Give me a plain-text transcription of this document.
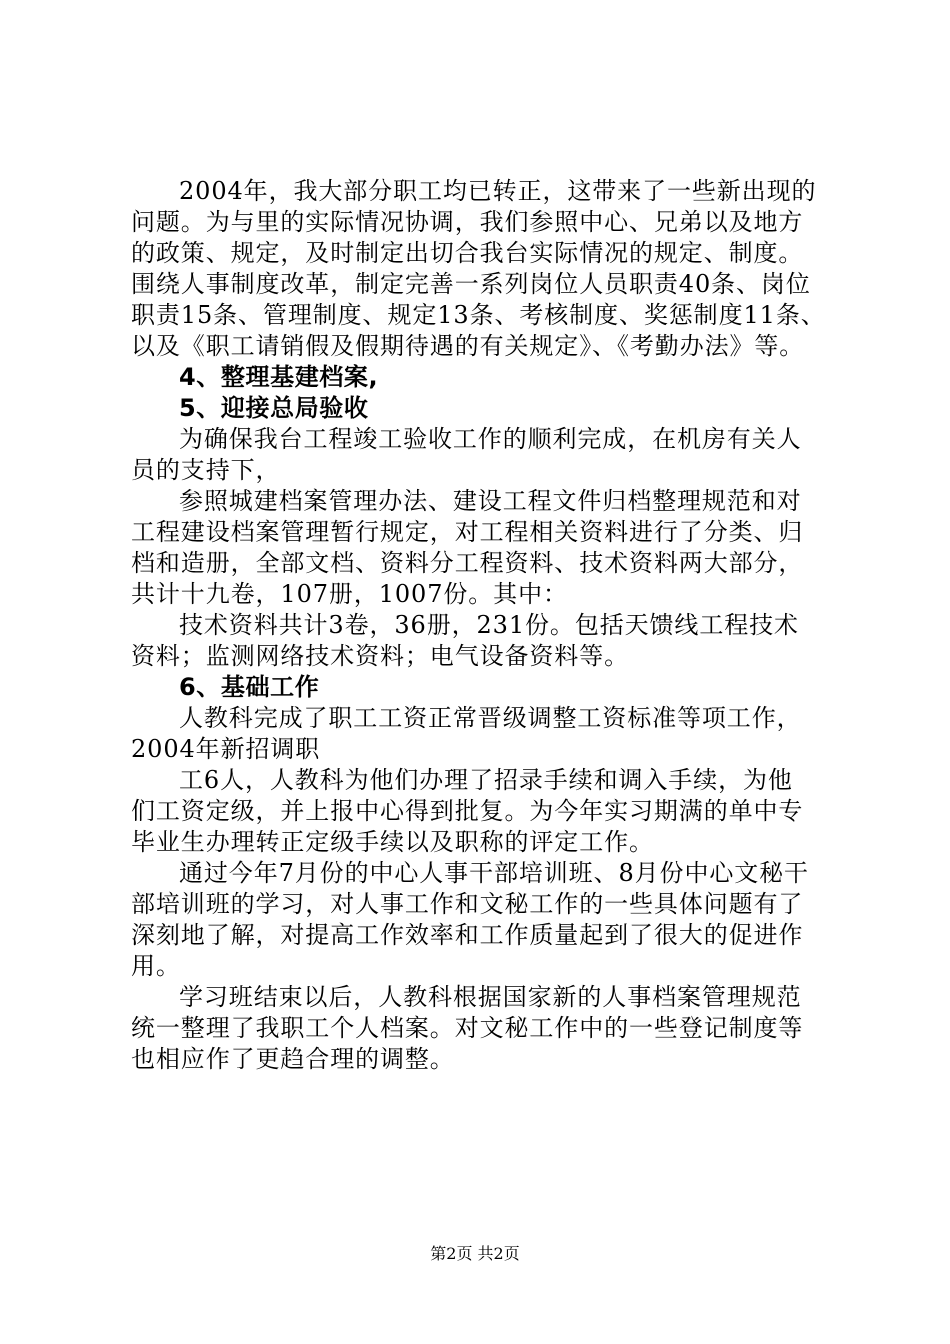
2004年，我大部分职工均已转正，这带来了一些新出现的
问题。为与里的实际情况协调，我们参照中心、兄弟以及地方
的政策、规定，及时制定出切合我台实际情况的规定、制度。
围绕人事制度改革，制定完善一系列岗位人员职责40条、岗位
职责15条、管理制度、规定13条、考核制度、奖惩制度11条、
以及《职工请销假及假期待遇的有关规定》、《考勤办法》等。
4、整理基建档案,
5、迎接总局验收
为确保我台工程竣工验收工作的顺利完成，在机房有关人
员的支持下，
参照城建档案管理办法、建设工程文件归档整理规范和对
工程建设档案管理暂行规定，对工程相关资料进行了分类、归
档和造册，全部文档、资料分工程资料、技术资料两大部分，
共计十九卷，107册，1007份。其中：
技术资料共计3卷，36册，231份。包括天馈线工程技术
资料；监测网络技术资料；电气设备资料等。
6、基础工作
人教科完成了职工工资正常晋级调整工资标准等项工作，
2004年新招调职
工6人，人教科为他们办理了招录手续和调入手续，为他
们工资定级，并上报中心得到批复。为今年实习期满的单中专
毕业生办理转正定级手续以及职称的评定工作。
通过今年7月份的中心人事干部培训班、8月份中心文秘干
部培训班的学习，对人事工作和文秘工作的一些具体问题有了
深刻地了解，对提高工作效率和工作质量起到了很大的促进作
用。
学习班结束以后，人教科根据国家新的人事档案管理规范
统一整理了我职工个人档案。对文秘工作中的一些登记制度等
也相应作了更趋合理的调整。
第2页 共2页
